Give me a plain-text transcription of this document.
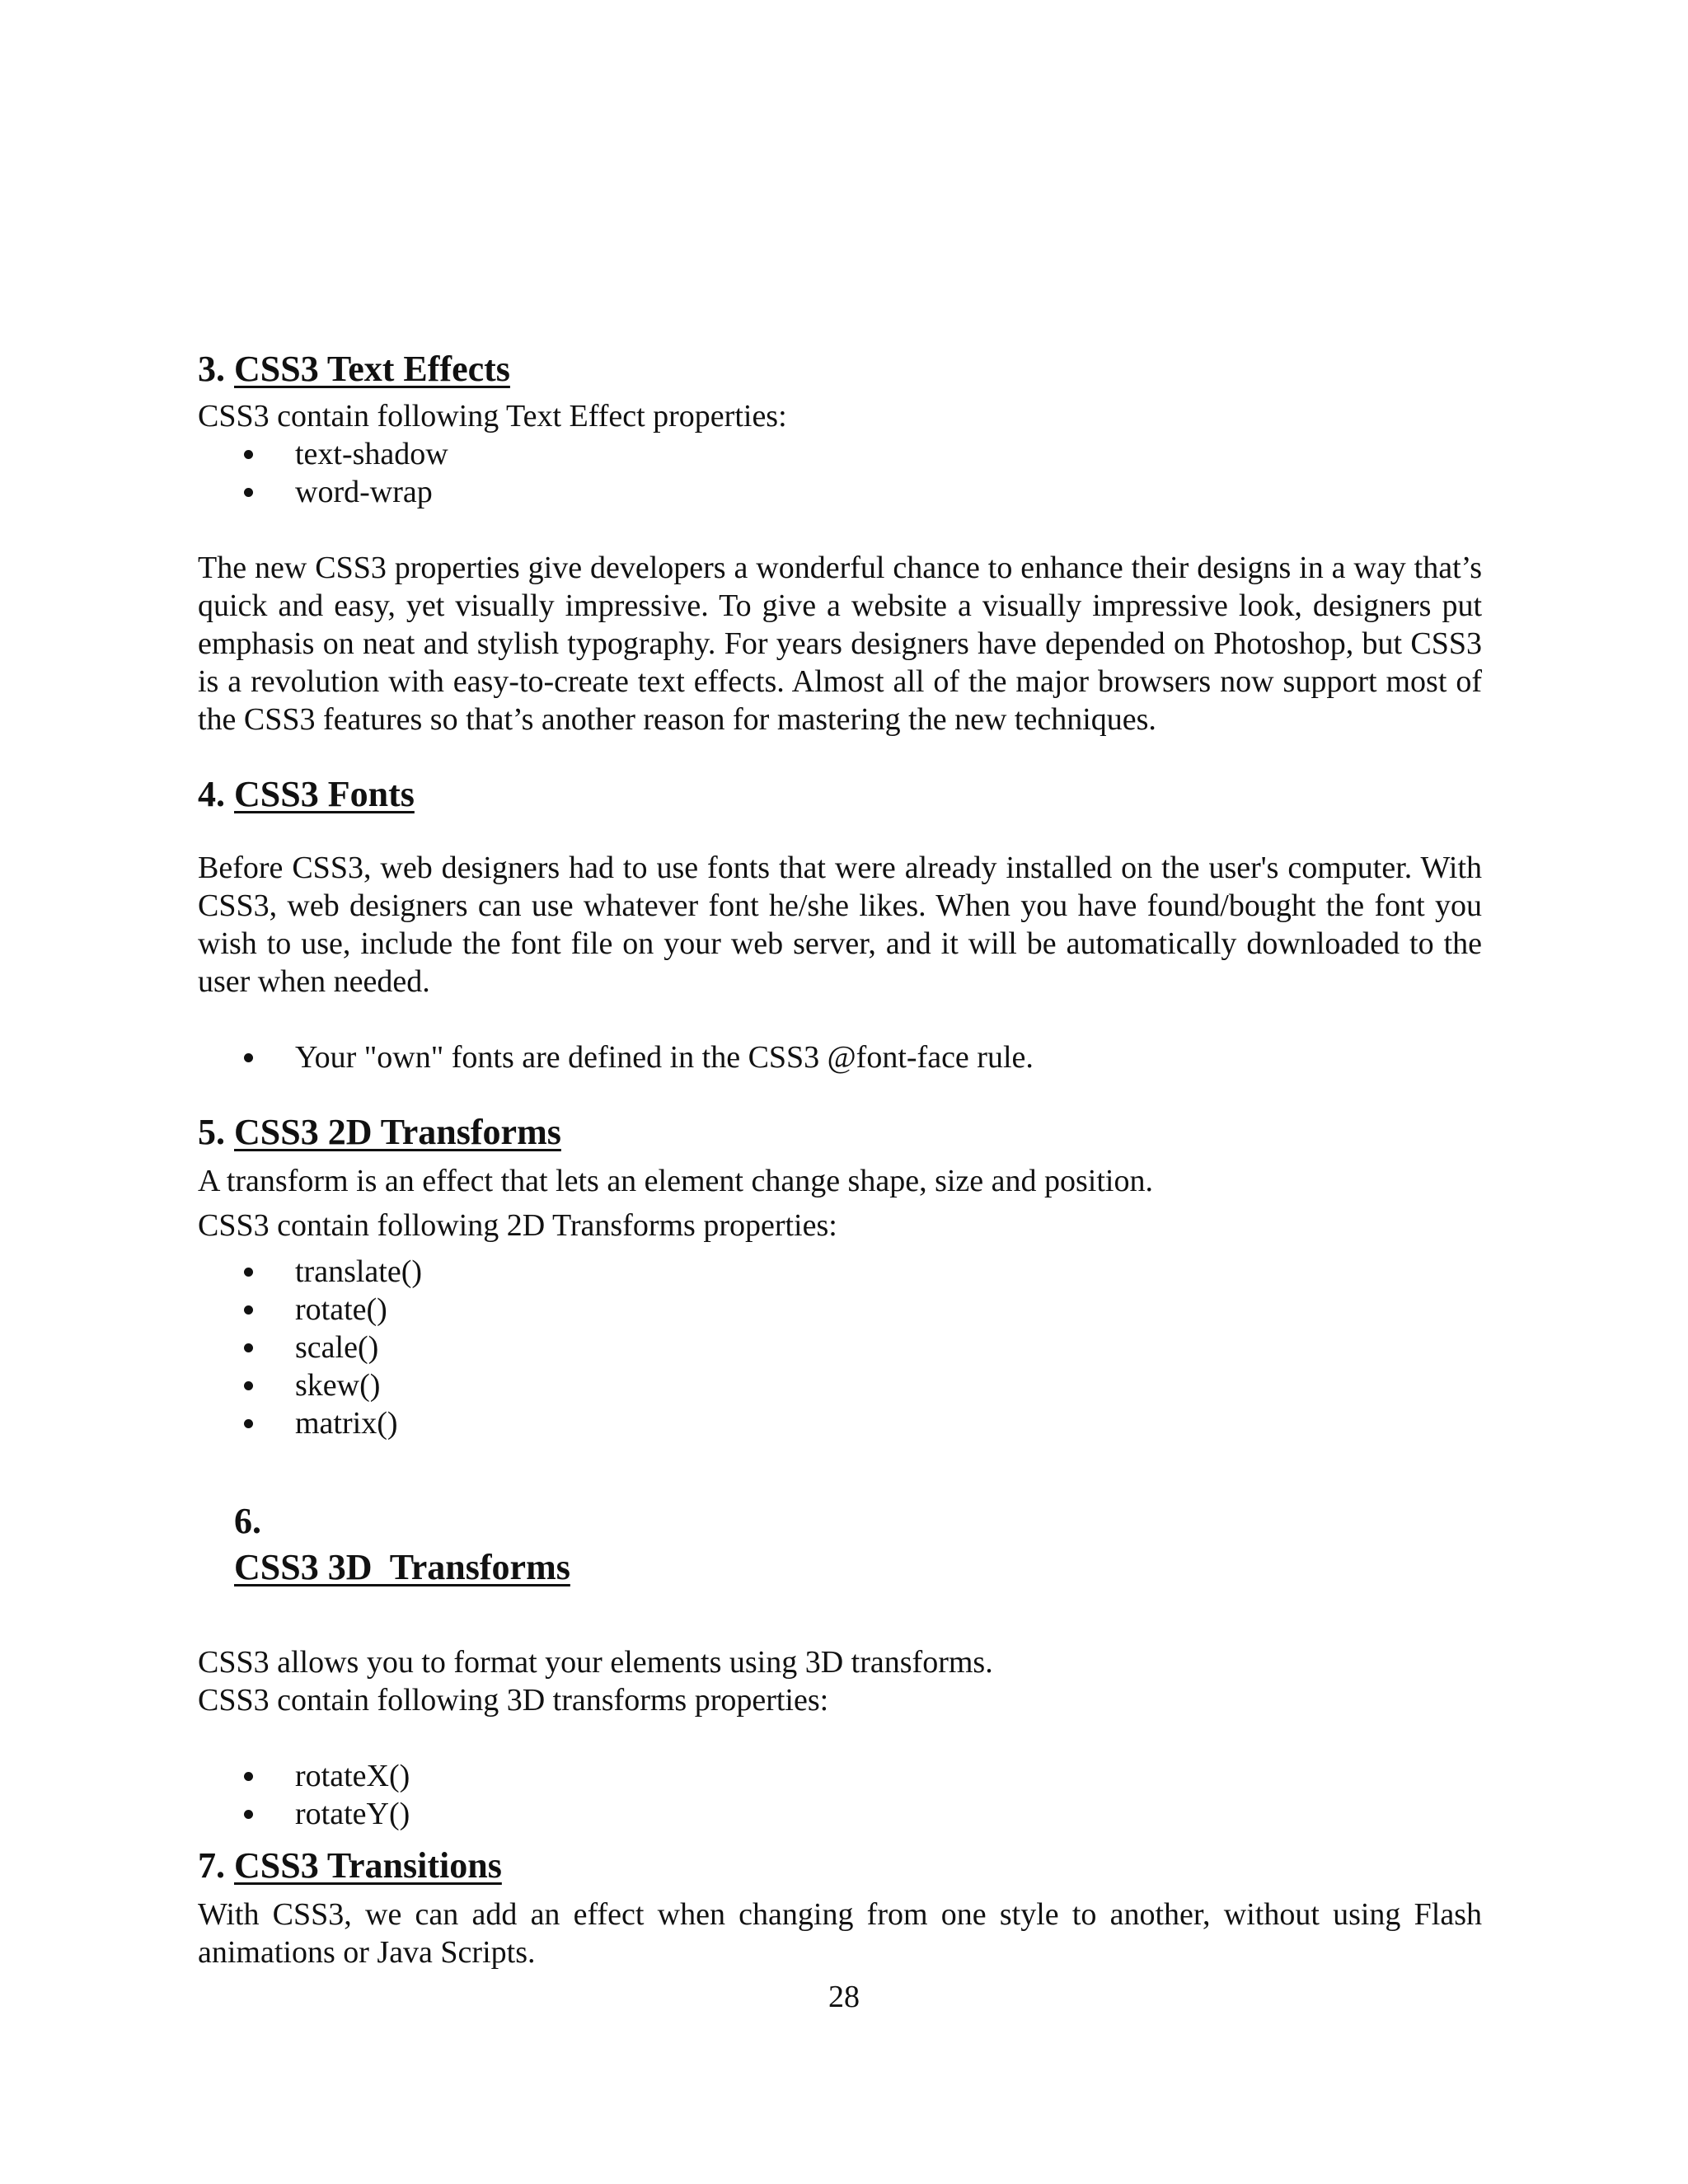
3. CSS3 Text Effects

CSS3 contain following Text Effect properties:

text-shadow
word-wrap

The new CSS3 properties give developers a wonderful chance to enhance their designs in a way that’s quick and easy, yet visually impressive. To give a website a visually impressive look, designers put emphasis on neat and stylish typography. For years designers have depended on Photoshop, but CSS3 is a revolution with easy-to-create text effects. Almost all of the major browsers now support most of the CSS3 features so that’s another reason for mastering the new techniques.

4. CSS3 Fonts

Before CSS3, web designers had to use fonts that were already installed on the user's computer. With CSS3, web designers can use whatever font he/she likes. When you have found/bought the font you wish to use, include the font file on your web server, and it will be automatically downloaded to the user when needed.

Your "own" fonts are defined in the CSS3 @font-face rule.
5. CSS3 2D Transforms

A transform is an effect that lets an element change shape, size and position.

CSS3 contain following 2D Transforms properties:

translate()
rotate()
scale()
skew()
matrix()

6.
CSS3 3D  Transforms

CSS3 allows you to format your elements using 3D transforms.

CSS3 contain following 3D transforms properties:

rotateX()
rotateY()
7. CSS3 Transitions

With CSS3, we can add an effect when changing from one style to another, without using Flash animations or Java Scripts.

28
